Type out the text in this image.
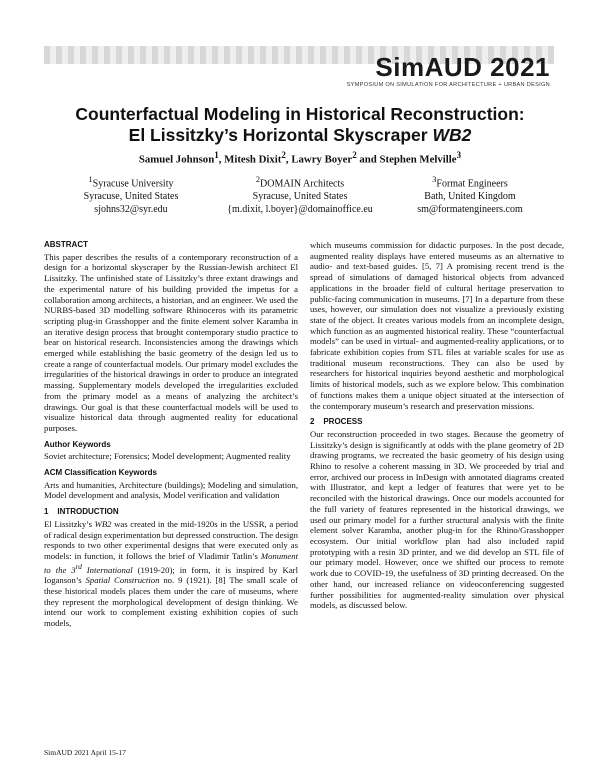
SimAUD 2021
SYMPOSIUM ON SIMULATION FOR ARCHITECTURE + URBAN DESIGN
Counterfactual Modeling in Historical Reconstruction:
El Lissitzky’s Horizontal Skyscraper WB2
Samuel Johnson$^1$, Mitesh Dixit$^2$, Lawry Boyer$^2$ and Stephen Melville$^3$
$^1$Syracuse University
Syracuse, United States
sjohns32@syr.edu
$^2$DOMAIN Architects
Syracuse, United States
{m.dixit, l.boyer}@domainoffice.eu
$^3$Format Engineers
Bath, United Kingdom
sm@formatengineers.com
ABSTRACT

This paper describes the results of a contemporary reconstruction of a design for a horizontal skyscraper by the Russian-Jewish architect El Lissitzky. The unfinished state of Lissitzky’s three extant drawings and the experimental nature of his building provided the impetus for a collaboration among architects, a historian, and an engineer. We used the NURBS-based 3D modelling software Rhinoceros with its parametric scripting plug-in Grasshopper and the finite element solver Karamba in an iterative design process that brought contemporary studio practice to bear on historical research. Inconsistencies among the drawings which emerged while establishing the basic geometry of the design led us to create a range of counterfactual models. Our primary model excludes the irregularities of the historical drawings in order to produce an integrated massing. Supplementary models developed the irregularities excluded from the primary model as a means of analyzing the architect’s drawings. Our goal is that these counterfactual models will be used to visualize historical data through augmented reality for educational purposes.

Author Keywords

Soviet architecture; Forensics; Model development; Augmented reality

ACM Classification Keywords

Arts and humanities, Architecture (buildings); Modeling and simulation, Model development and analysis, Model verification and validation

1    INTRODUCTION

El Lissitzky’s WB2 was created in the mid-1920s in the USSR, a period of radical design experimentation but depressed construction. The design responds to two other experimental designs that were executed only as models: in function, it follows the brief of Vladimir Tatlin’s Monument to the 3rd International (1919-20); in form, it is inspired by Karl Ioganson’s Spatial Construction no. 9 (1921). [8] The small scale of these historical models places them under the care of museums, where they represent the morphological development of design thinking. We intend our work to complement existing exhibition copies of such models,

which museums commission for didactic purposes. In the post decade, augmented reality displays have entered museums as an alternative to audio- and text-based guides. [5, 7] A promising recent trend is the spread of simulations of damaged historical objects from advanced applications in the broader field of cultural heritage preservation to public-facing communication in museums. [7] In a departure from these uses, however, our simulation does not visualize a previously existing state of the object. It creates various models from an incomplete design, which function as an augmented historical reality. These “counterfactual models” can be used in virtual- and augmented-reality applications, or to fabricate exhibition copies from STL files at variable scales for use as traditional museum reconstructions. They can also be used by researchers for historical inquiries beyond aesthetic and morphological limits of historical models, such as we explore below. This combination of functions makes them a unique object situated at the intersection of the contemporary museum’s research and preservation missions.

2    PROCESS

Our reconstruction proceeded in two stages. Because the geometry of Lissitzky’s design is significantly at odds with the plane geometry of 2D drawing programs, we recreated the basic geometry of his design using Rhino to resolve a coherent massing in 3D. We proceeded by trial and error, archived our process in InDesign with annotated diagrams created with Illustrator, and kept a ledger of features that were yet to be reconciled with the historical drawings. Once our models accounted for the full variety of features represented in the historical drawings, we used our primary model for a further structural analysis with the finite element solver Karamba, another plug-in for the Rhino/Grasshopper ecosystem. Our initial workflow plan had also included rapid prototyping with a resin 3D printer, and we did develop an STL file of our primary model. However, once we shifted our process to remote work due to COVID-19, the usefulness of 3D printing decreased. On the other hand, our increased reliance on videoconferencing suggested further possibilities for augmented-reality simulation over physical models, as discussed below.

SimAUD 2021 April 15-17
